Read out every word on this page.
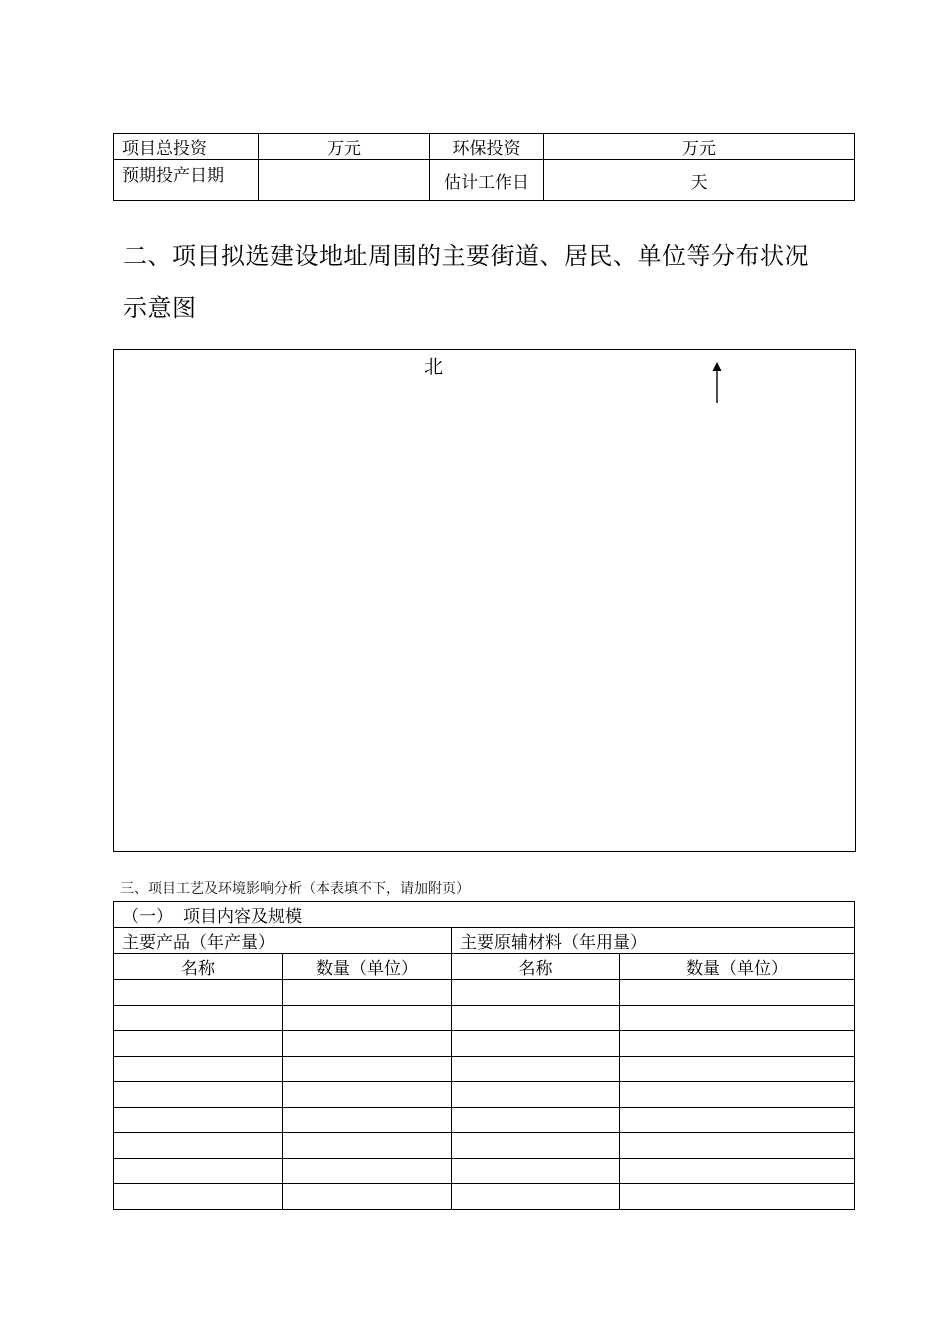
项目总投资	万元	环保投资	万元
预期投产日期		估计工作日	天
二、项目拟选建设地址周围的主要街道、居民、单位等分布状况
示意图
北
三、项目工艺及环境影响分析（本表填不下，请加附页）
（一） 项目内容及规模			
主要产品（年产量）		主要原辅材料（年用量）	
名称	数量（单位）	名称	数量（单位）
